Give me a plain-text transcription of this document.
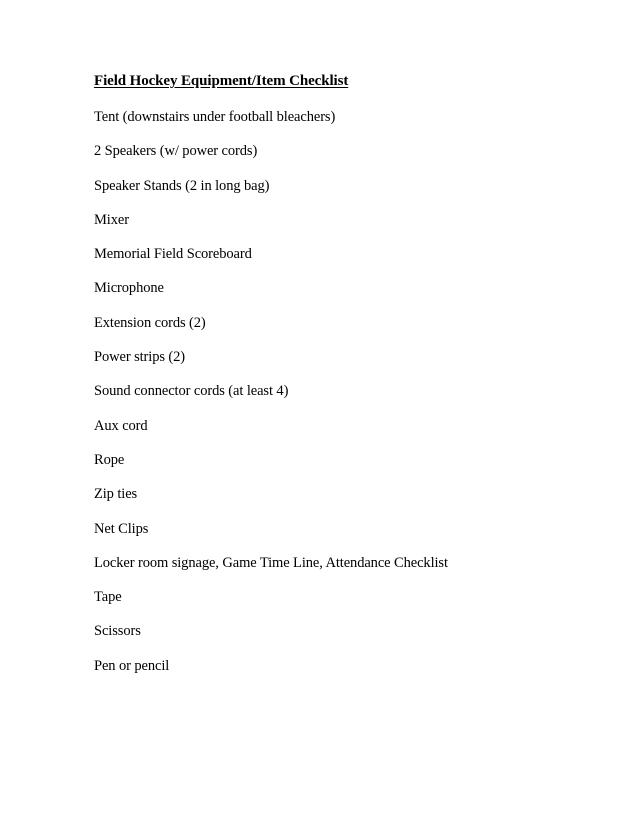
Field Hockey Equipment/Item Checklist
Tent (downstairs under football bleachers)
2 Speakers (w/ power cords)
Speaker Stands (2 in long bag)
Mixer
Memorial Field Scoreboard
Microphone
Extension cords (2)
Power strips (2)
Sound connector cords (at least 4)
Aux cord
Rope
Zip ties
Net Clips
Locker room signage, Game Time Line, Attendance Checklist
Tape
Scissors
Pen or pencil
